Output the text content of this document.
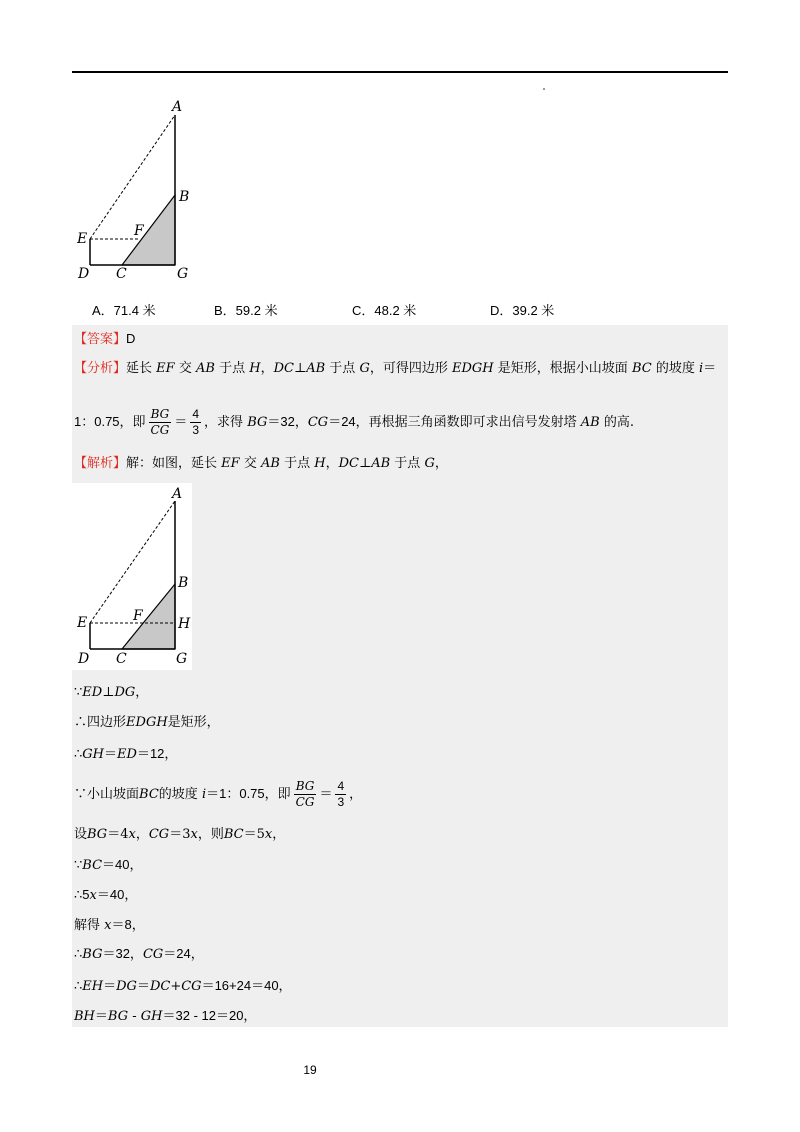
A
B
E	F
D C	G
A．71.4 米	B．59.2 米	C．48.2 米	D．39.2 米
【答案】D
【分析】延长 EF 交 AB 于点 H，DC⊥AB 于点 G，可得四边形 EDGH 是矩形，根据小山坡面 BC 的坡度 i＝
1：0.75，即 $\frac{BG}{CG} = \frac{4}{3}$ ，求得 BG＝32，CG＝24，再根据三角函数即可求出信号发射塔 AB 的高.
【解析】解：如图，延长 EF 交 AB 于点 H，DC⊥AB 于点 G，
A
B
E	F	H
D C	G
∵ED⊥DG，
∴四边形EDGH是矩形，
∴GH＝ED＝12，
∵小山坡面BC的坡度 i＝1：0.75，即 $\frac{BG}{CG} = \frac{4}{3}$ ，
设BG＝4x，CG＝3x，则BC＝5x，
∵BC＝40，
∴5x＝40，
解得 x＝8，
∴BG＝32，CG＝24，
∴EH＝DG＝DC+CG＝16+24＝40，
BH＝BG - GH＝32 - 12＝20，
19
